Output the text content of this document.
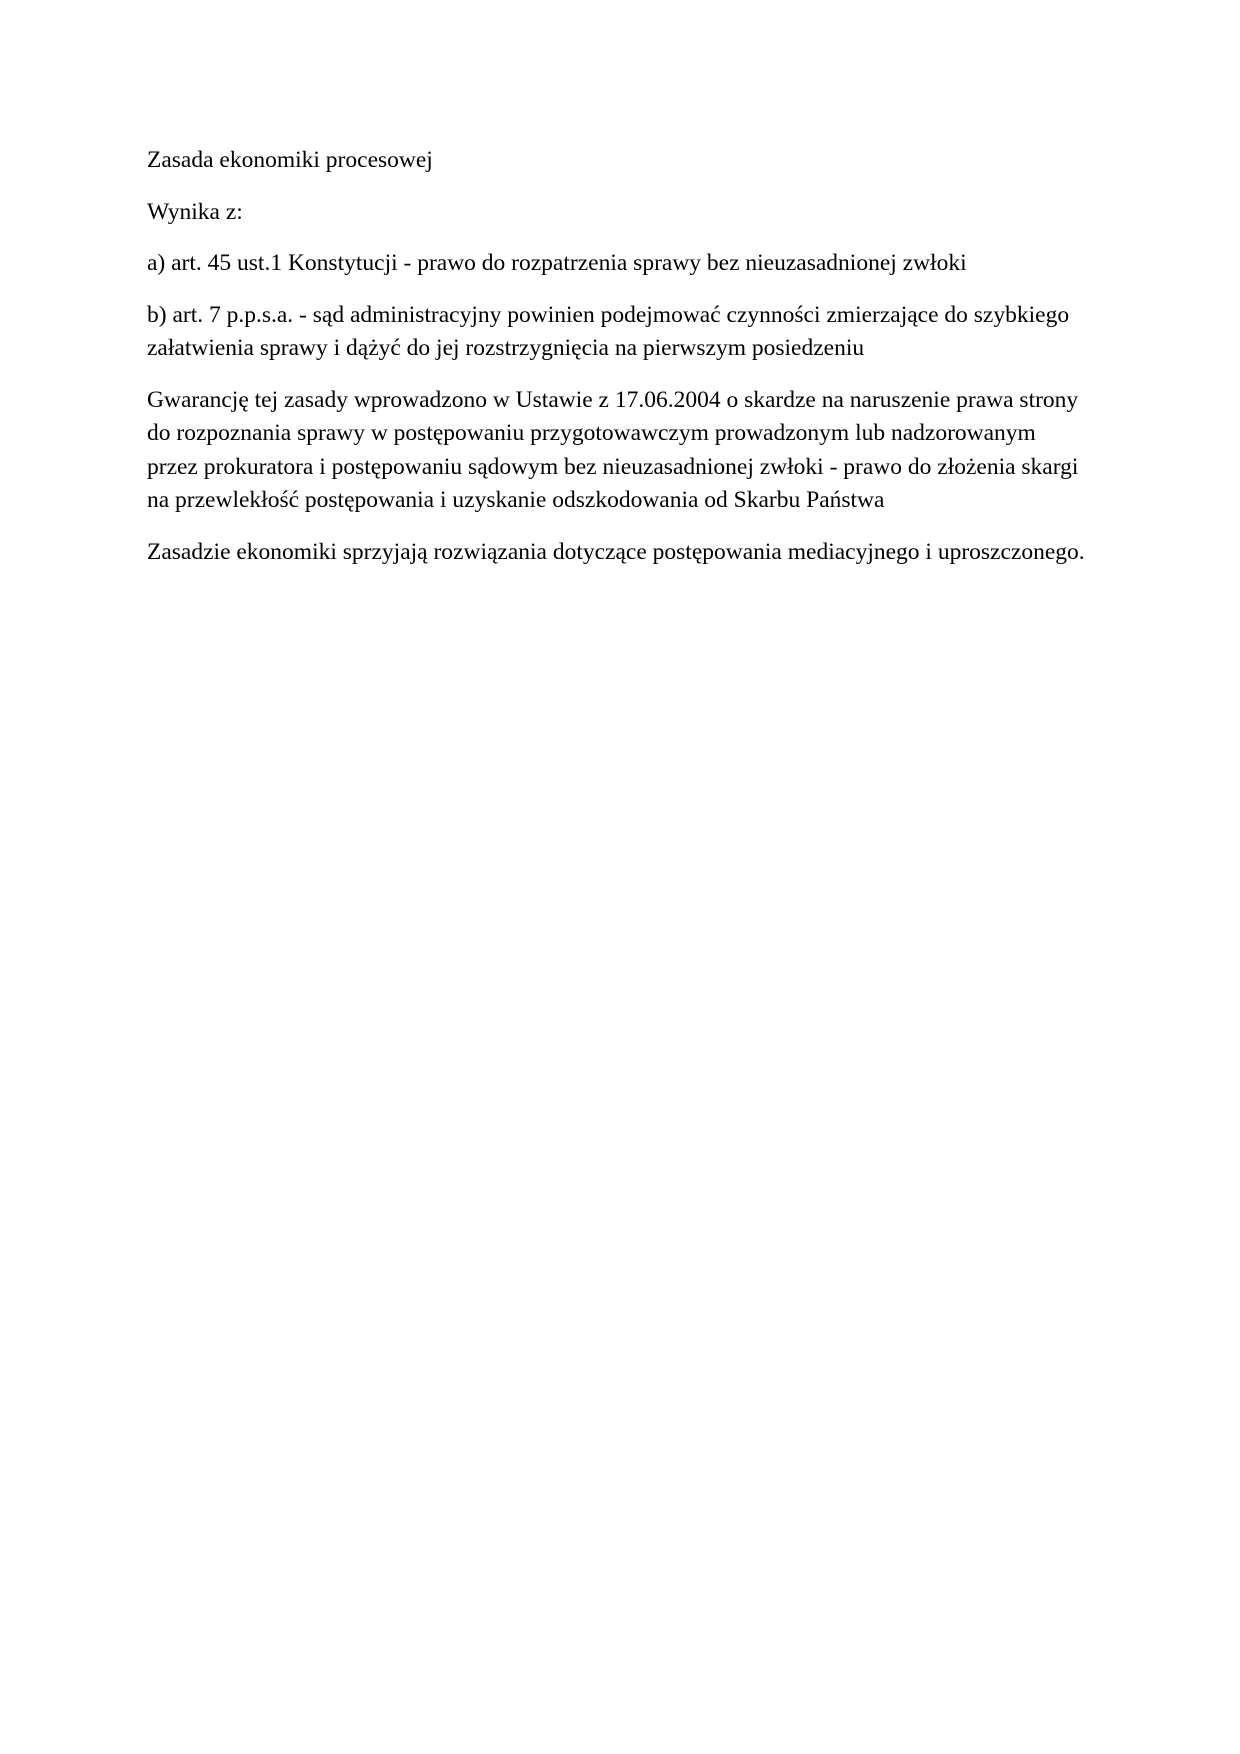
Zasada ekonomiki procesowej

Wynika z:

a) art. 45 ust.1 Konstytucji - prawo do rozpatrzenia sprawy bez nieuzasadnionej zwłoki

b) art. 7 p.p.s.a. - sąd administracyjny powinien podejmować czynności zmierzające do szybkiego załatwienia sprawy i dążyć do jej rozstrzygnięcia na pierwszym posiedzeniu

Gwarancję tej zasady wprowadzono w Ustawie z 17.06.2004 o skardze na naruszenie prawa strony do rozpoznania sprawy w postępowaniu przygotowawczym prowadzonym lub nadzorowanym przez prokuratora i postępowaniu sądowym bez nieuzasadnionej zwłoki - prawo do złożenia skargi na przewlekłość postępowania i uzyskanie odszkodowania od Skarbu Państwa

Zasadzie ekonomiki sprzyjają rozwiązania dotyczące postępowania mediacyjnego i uproszczonego.
